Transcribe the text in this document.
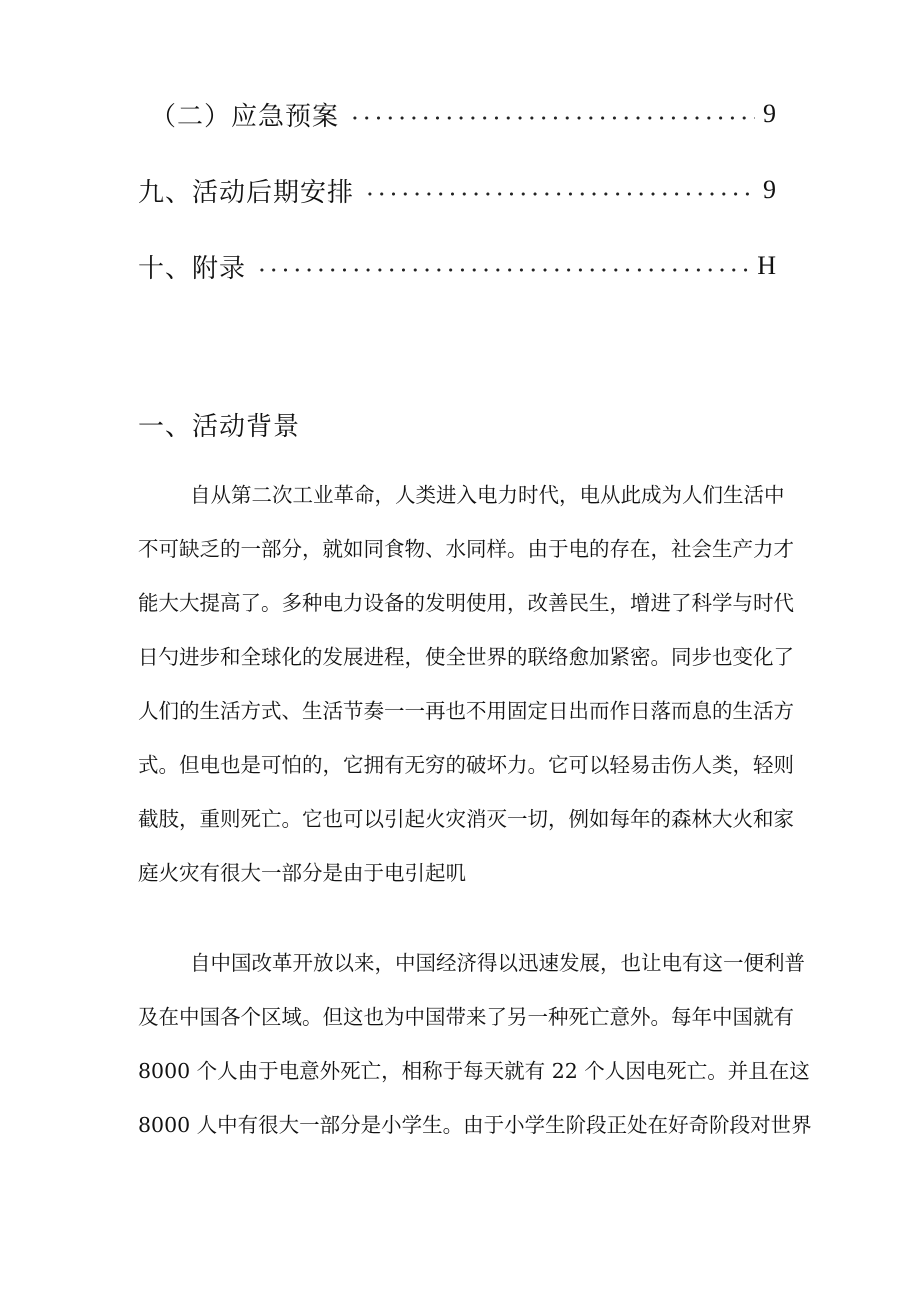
（二）应急预案	9
九、活动后期安排	9
十、附录	H
一、活动背景

自从第二次工业革命，人类进入电力时代，电从此成为人们生活中
不可缺乏的一部分，就如同食物、水同样。由于电的存在，社会生产力才
能大大提高了。多种电力设备的发明使用，改善民生，增进了科学与时代
日勺进步和全球化的发展进程，使全世界的联络愈加紧密。同步也变化了
人们的生活方式、生活节奏一一再也不用固定日出而作日落而息的生活方
式。但电也是可怕的，它拥有无穷的破坏力。它可以轻易击伤人类，轻则
截肢，重则死亡。它也可以引起火灾消灭一切，例如每年的森林大火和家
庭火灾有很大一部分是由于电引起叽

自中国改革开放以来，中国经济得以迅速发展，也让电有这一便利普
及在中国各个区域。但这也为中国带来了另一种死亡意外。每年中国就有
8000 个人由于电意外死亡，相称于每天就有 22 个人因电死亡。并且在这
8000 人中有很大一部分是小学生。由于小学生阶段正处在好奇阶段对世界
